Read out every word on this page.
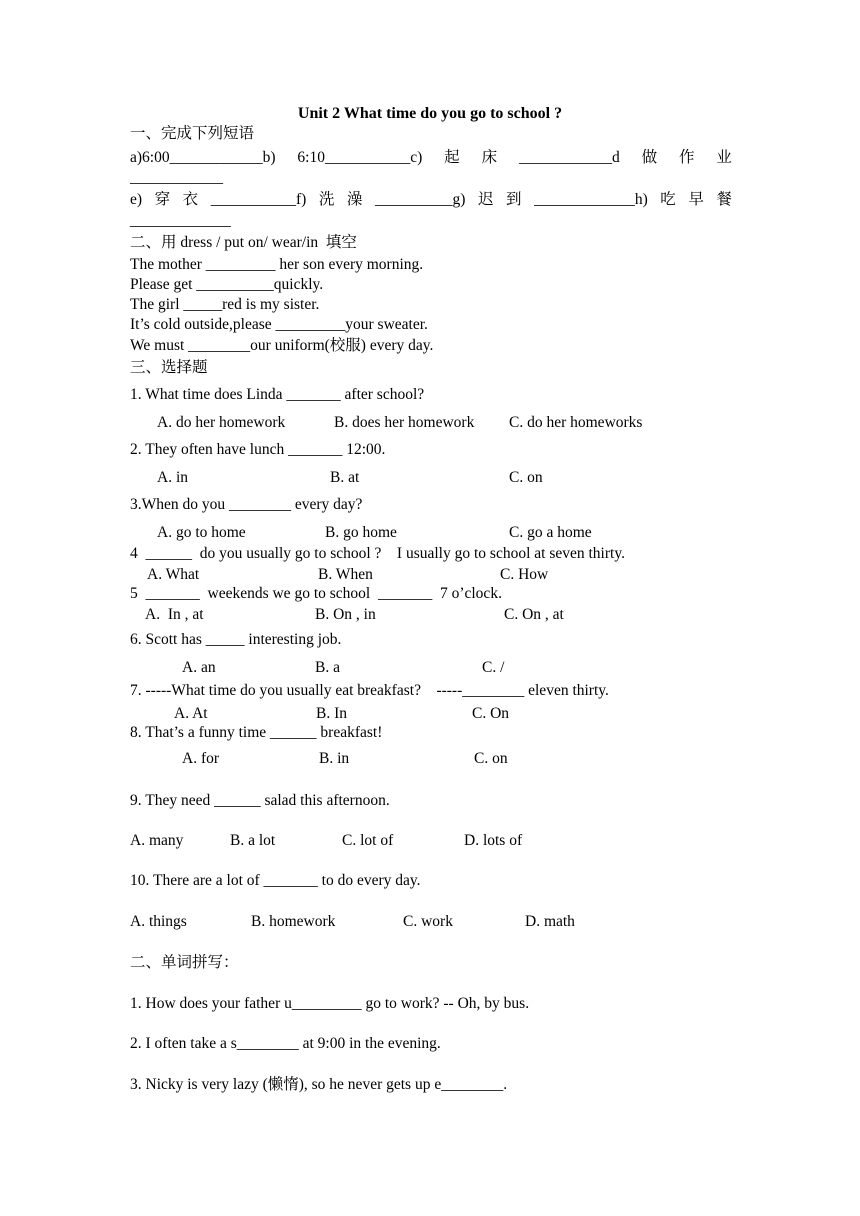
Unit 2 What time do you go to school ?
一、完成下列短语
a)6:00____________b) 6:10___________c) 起 床 ____________d 做 作 业
____________
e) 穿 衣 ___________f) 洗 澡 __________g) 迟 到 _____________h) 吃 早 餐
_____________
二、用 dress / put on/ wear/in  填空
The mother _________ her son every morning.
Please get __________quickly.
The girl _____red is my sister.
It’s cold outside,please _________your sweater.
We must ________our uniform(校服) every day.
三、选择题
1. What time does Linda _______ after school?
A. do her homework	B. does her homework C. do her homeworks
2. They often have lunch _______ 12:00.
A. in	B. at	C. on
3.When do you ________ every day?
A. go to home	B. go home	C. go a home
4  ______  do you usually go to school ?    I usually go to school at seven thirty.
A. What	B. When	C. How
5  _______  weekends we go to school  _______  7 o’clock.
A.  In , at	B. On , in	C. On , at
6. Scott has _____ interesting job.
A. an	B. a	C. /
7. -----What time do you usually eat breakfast?    -----________ eleven thirty.
A. At	B. In	C. On
8. That’s a funny time ______ breakfast!
A. for	B. in	C. on
9. They need ______ salad this afternoon.
A. many	B. a lot	C. lot of	D. lots of
10. There are a lot of _______ to do every day.
A. things	B. homework	C. work	D. math
二、单词拼写：
1. How does your father u_________ go to work? -- Oh, by bus.
2. I often take a s________ at 9:00 in the evening.
3. Nicky is very lazy (懒惰), so he never gets up e________.
